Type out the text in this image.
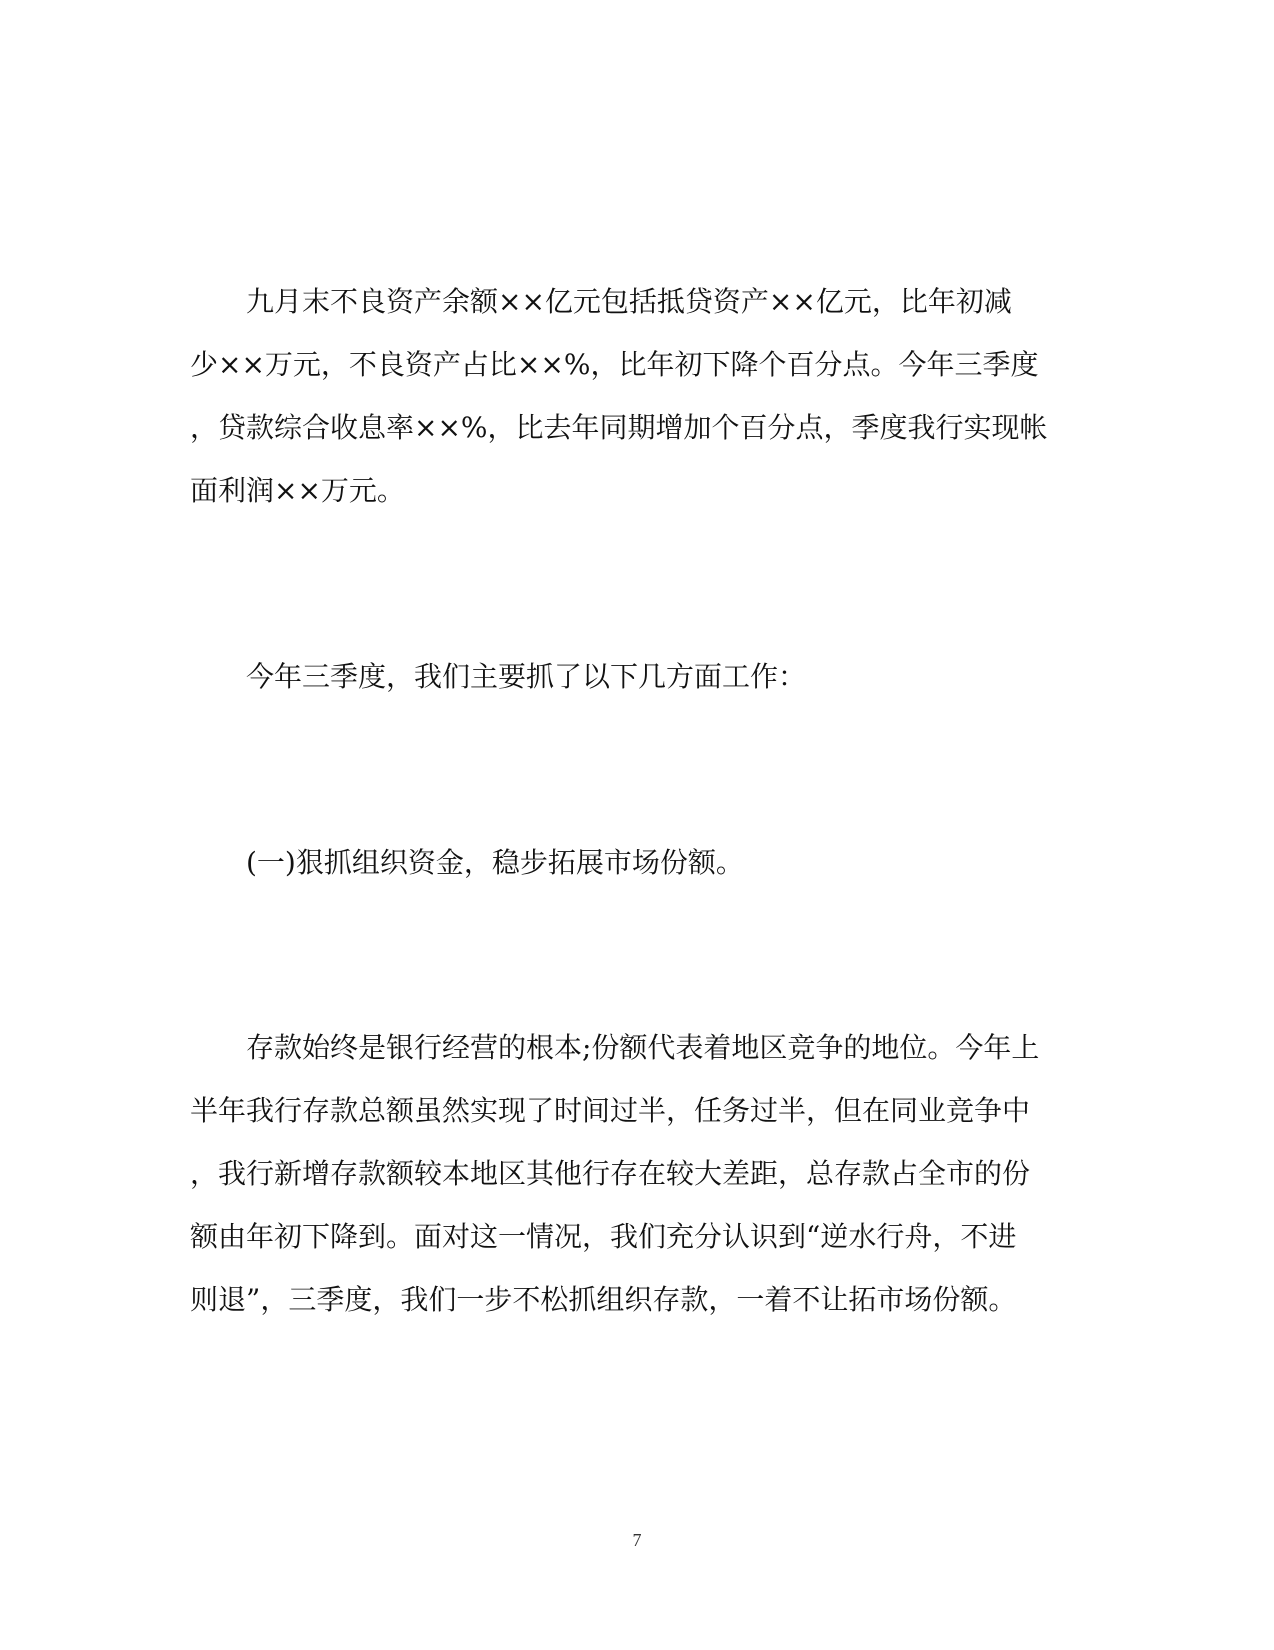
　　九月末不良资产余额××亿元包括抵贷资产××亿元，比年初减
少××万元，不良资产占比××%，比年初下降个百分点。今年三季度
，贷款综合收息率××%，比去年同期增加个百分点，季度我行实现帐
面利润××万元。
　　今年三季度，我们主要抓了以下几方面工作：
　　(一)狠抓组织资金，稳步拓展市场份额。
　　存款始终是银行经营的根本;份额代表着地区竞争的地位。今年上
半年我行存款总额虽然实现了时间过半，任务过半，但在同业竞争中
，我行新增存款额较本地区其他行存在较大差距，总存款占全市的份
额由年初下降到。面对这一情况，我们充分认识到“逆水行舟，不进
则退”，三季度，我们一步不松抓组织存款，一着不让拓市场份额。
7
